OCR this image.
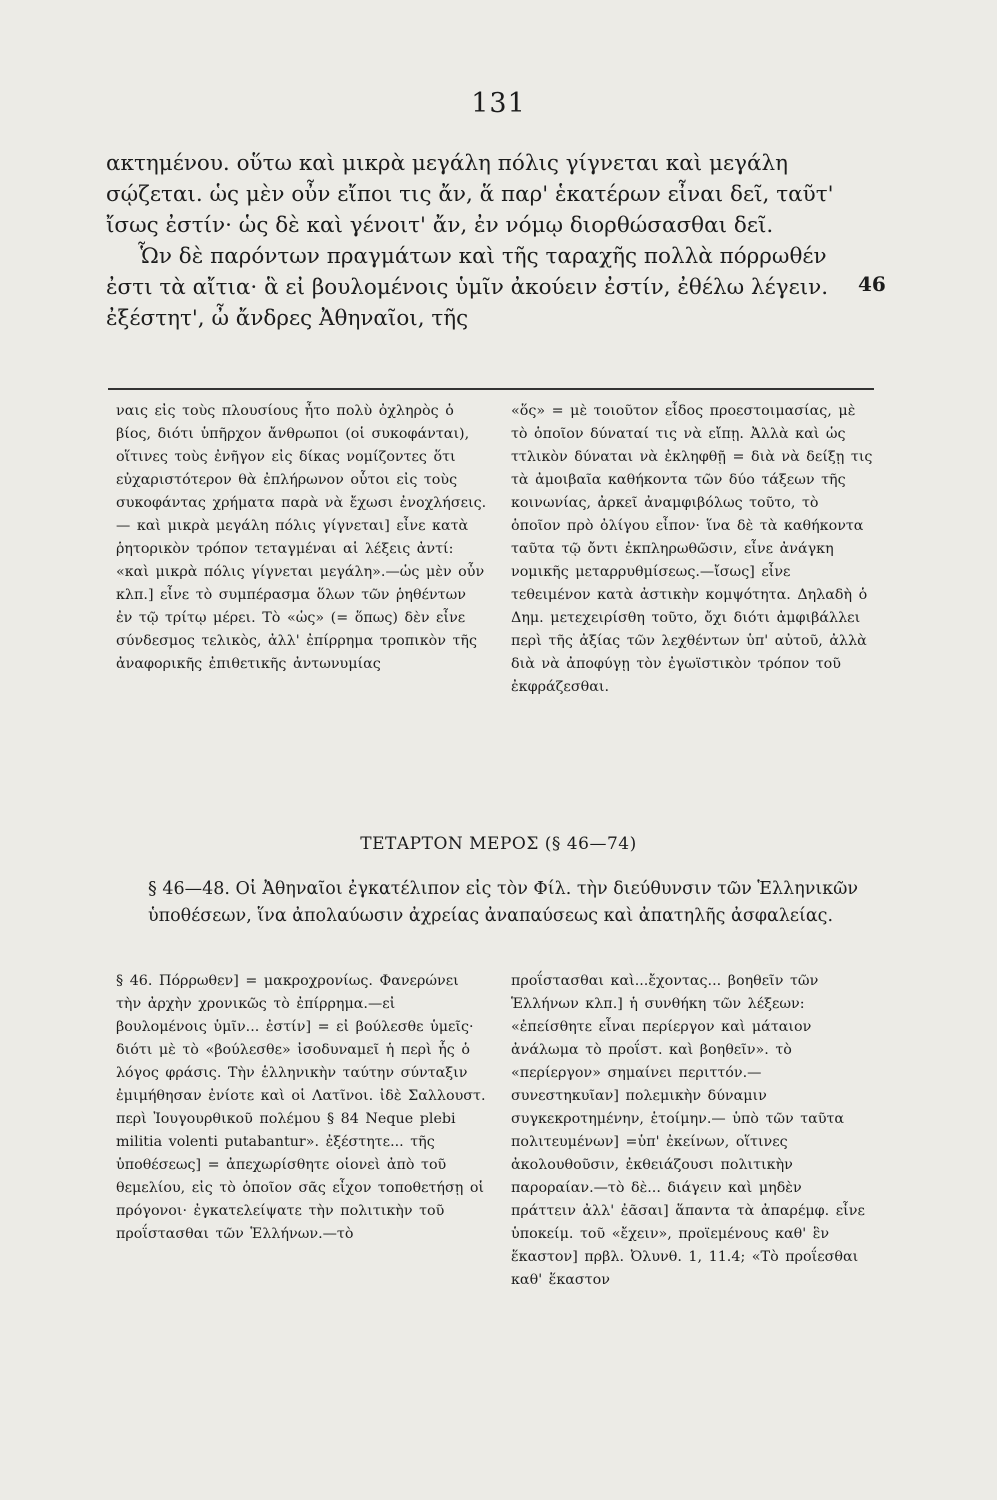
131

ακτημένου. οὕτω καὶ μικρὰ μεγάλη πόλις γίγνεται καὶ μεγάλη σῴζεται. ὡς μὲν οὖν εἴποι τις ἄν, ἅ παρ' ἑκατέρων εἶναι δεῖ, ταῦτ' ἴσως ἐστίν· ὡς δὲ καὶ γένοιτ' ἄν, ἐν νόμῳ διορθώσασθαι δεῖ.

Ὧν δὲ παρόντων πραγμάτων καὶ τῆς ταραχῆς πολλὰ πόρρωθέν ἐστι τὰ αἴτια· ἃ εἰ βουλομένοις ὑμῖν ἀκούειν ἐστίν, ἐθέλω λέγειν. ἐξέστητ', ὦ ἄνδρες Ἀθηναῖοι, τῆς

46

ναις εἰς τοὺς πλουσίους ἦτο πολὺ ὀχληρὸς ὁ βίος, διότι ὑπῆρχον ἄνθρωποι (οἱ συκοφάνται), οἵτινες τοὺς ἐνῆγον εἰς δίκας νομίζοντες ὅτι εὐχαριστότερον θὰ ἐπλήρωνον οὗτοι εἰς τοὺς συκοφάντας χρήματα παρὰ νὰ ἔχωσι ἐνοχλήσεις.— καὶ μικρὰ μεγάλη πόλις γίγνεται] εἶνε κατὰ ῥητορικὸν τρόπον τεταγμέναι αἱ λέξεις ἀντί: «καὶ μικρὰ πόλις γίγνεται μεγάλη».—ὡς μὲν οὖν κλπ.] εἶνε τὸ συμπέρασμα ὅλων τῶν ῥηθέντων ἐν τῷ τρίτῳ μέρει. Τὸ «ὡς» (= ὅπως) δὲν εἶνε σύνδεσμος τελικὸς, ἀλλ' ἐπίρρημα τροπικὸν τῆς ἀναφορικῆς ἐπιθετικῆς ἀντωνυμίας

«ὅς» = μὲ τοιοῦτον εἶδος προεστοιμασίας, μὲ τὸ ὁποῖον δύναταί τις νὰ εἴπῃ. Ἀλλὰ καὶ ὡς ττλικὸν δύναται νὰ ἐκληφθῇ = διὰ νὰ δείξῃ τις τὰ ἀμοιβαῖα καθήκοντα τῶν δύο τάξεων τῆς κοινωνίας, ἀρκεῖ ἀναμφιβόλως τοῦτο, τὸ ὁποῖον πρὸ ὀλίγου εἶπον· ἵνα δὲ τὰ καθήκοντα ταῦτα τῷ ὄντι ἐκπληρωθῶσιν, εἶνε ἀνάγκη νομικῆς μεταρρυθμίσεως.—ἴσως] εἶνε τεθειμένον κατὰ ἀστικὴν κομψότητα. Δηλαδὴ ὁ Δημ. μετεχειρίσθη τοῦτο, ὄχι διότι ἀμφιβάλλει περὶ τῆς ἀξίας τῶν λεχθέντων ὑπ' αὐτοῦ, ἀλλὰ διὰ νὰ ἀποφύγῃ τὸν ἐγωϊστικὸν τρόπον τοῦ ἐκφράζεσθαι.

ΤΕΤΑΡΤΟΝ ΜΕΡΟΣ (§ 46—74)

§ 46—48. Οἱ Ἀθηναῖοι ἐγκατέλιπον εἰς τὸν Φίλ. τὴν διεύθυνσιν τῶν Ἑλληνικῶν ὑποθέσεων, ἵνα ἀπολαύωσιν ἀχρείας ἀναπαύσεως καὶ ἀπατηλῆς ἀσφαλείας.

§ 46. Πόρρωθεν] = μακροχρονίως. Φανερώνει τὴν ἀρχὴν χρονικῶς τὸ ἐπίρρημα.—εἰ βουλομένοις ὑμῖν... ἐστίν] = εἰ βούλεσθε ὑμεῖς· διότι μὲ τὸ «βούλεσθε» ἰσοδυναμεῖ ἡ περὶ ἧς ὁ λόγος φράσις. Τὴν ἑλληνικὴν ταύτην σύνταξιν ἐμιμήθησαν ἐνίοτε καὶ οἱ Λατῖνοι. ἰδὲ Σαλλουστ. περὶ Ἰουγουρθικοῦ πολέμου § 84 Neque plebi militia volenti putabantur». ἐξέστητε... τῆς ὑποθέσεως] = ἀπεχωρίσθητε οἱονεὶ ἀπὸ τοῦ θεμελίου, εἰς τὸ ὁποῖον σᾶς εἶχον τοποθετήσῃ οἱ πρόγονοι· ἐγκατελείψατε τὴν πολιτικὴν τοῦ προΐστασθαι τῶν Ἑλλήνων.—τὸ

προΐστασθαι καὶ...ἔχοντας... βοηθεῖν τῶν Ἑλλήνων κλπ.] ἡ συνθήκη τῶν λέξεων: «ἐπείσθητε εἶναι περίεργον καὶ μάταιον ἀνάλωμα τὸ προΐστ. καὶ βοηθεῖν». τὸ «περίεργον» σημαίνει περιττόν.— συνεστηκυῖαν] πολεμικὴν δύναμιν συγκεκροτημένην, ἑτοίμην.— ὑπὸ τῶν ταῦτα πολιτευμένων] =ὑπ' ἐκείνων, οἵτινες ἀκολουθοῦσιν, ἐκθειάζουσι πολιτικὴν παροραίαν.—τὸ δὲ... διάγειν καὶ μηδὲν πράττειν ἀλλ' ἐᾶσαι] ἅπαντα τὰ ἀπαρέμφ. εἶνε ὑποκείμ. τοῦ «ἔχειν», προϊεμένους καθ' ἓν ἕκαστον] πρβλ. Ὀλυνθ. 1, 11.4; «Τὸ προΐεσθαι καθ' ἕκαστον
